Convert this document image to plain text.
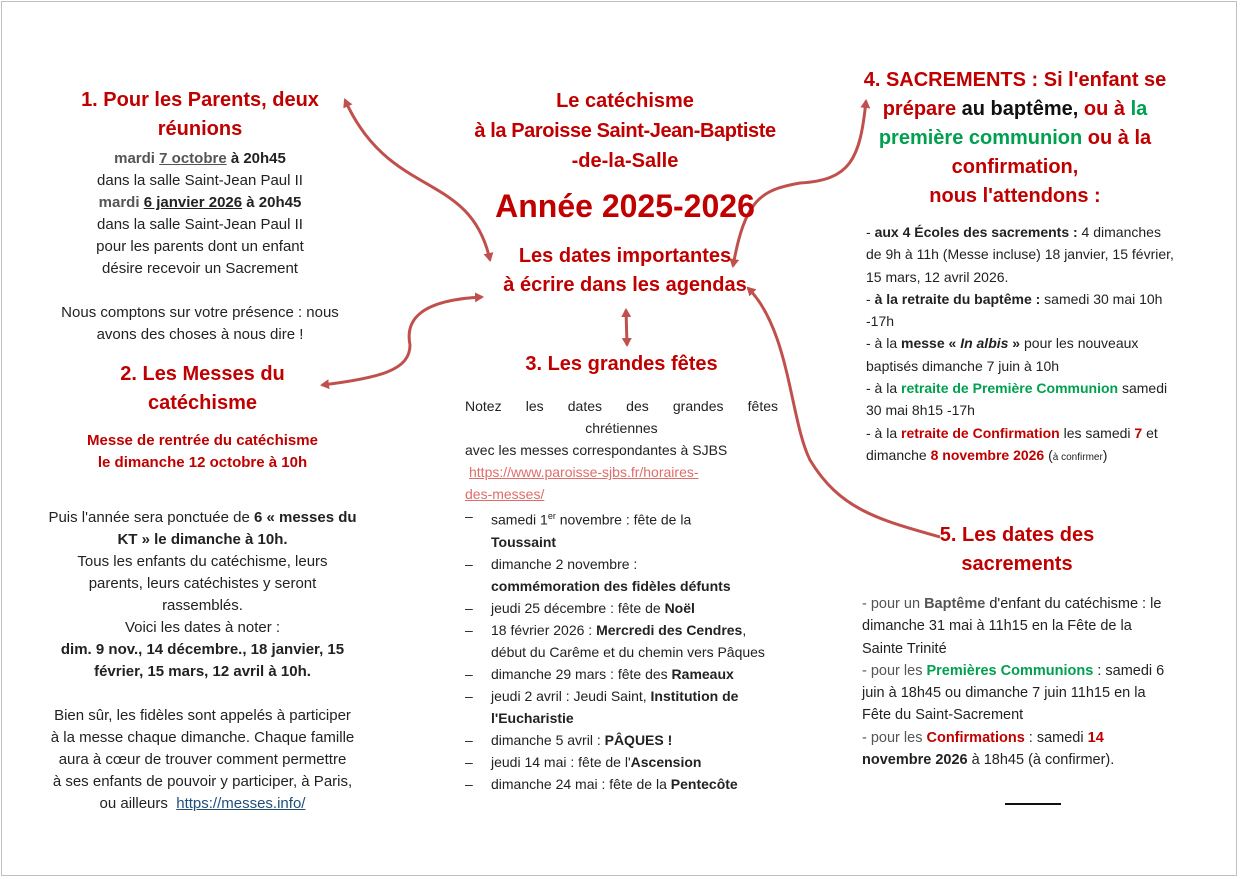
Le catéchisme
à la Paroisse Saint-Jean-Baptiste
-de-la-Salle
Année 2025-2026
Les dates importantes
à écrire dans les agendas
1. Pour les Parents, deux
réunions
mardi 7 octobre à 20h45
dans la salle Saint-Jean Paul II
mardi 6 janvier 2026 à 20h45
dans la salle Saint-Jean Paul II
pour les parents dont un enfant
désire recevoir un Sacrement
Nous comptons sur votre présence : nous
avons des choses à nous dire !
2. Les Messes du
catéchisme
Messe de rentrée du catéchisme
le dimanche 12 octobre à 10h
Puis l'année sera ponctuée de 6 « messes du
KT » le dimanche à 10h.
Tous les enfants du catéchisme, leurs
parents, leurs catéchistes y seront
rassemblés.
Voici les dates à noter :
dim. 9 nov., 14 décembre., 18 janvier, 15
février, 15 mars, 12 avril à 10h.
Bien sûr, les fidèles sont appelés à participer
à la messe chaque dimanche. Chaque famille
aura à cœur de trouver comment permettre
à ses enfants de pouvoir y participer, à Paris,
ou ailleurs https://messes.info/
3. Les grandes fêtes
Notez les dates des grandes fêtes
chrétiennes
avec les messes correspondantes à SJBS
https://www.paroisse-sjbs.fr/horaires-
des-messes/
– samedi 1er novembre : fête de la
Toussaint
– dimanche 2 novembre :
commémoration des fidèles défunts
– jeudi 25 décembre : fête de Noël
– 18 février 2026 : Mercredi des Cendres, début du Carême et du chemin vers Pâques
– dimanche 29 mars : fête des Rameaux
– jeudi 2 avril : Jeudi Saint, Institution de l'Eucharistie
– dimanche 5 avril : PÂQUES !
– jeudi 14 mai : fête de l'Ascension
– dimanche 24 mai : fête de la Pentecôte
4. SACREMENTS : Si l'enfant se
prépare au baptême, ou à la
première communion ou à la
confirmation,
nous l'attendons :

- aux 4 Écoles des sacrements : 4 dimanches de 9h à 11h (Messe incluse) 18 janvier, 15 février, 15 mars, 12 avril 2026.

- à la retraite du baptême : samedi 30 mai 10h -17h

- à la messe « In albis » pour les nouveaux baptisés dimanche 7 juin à 10h

- à la retraite de Première Communion samedi 30 mai 8h15 -17h

- à la retraite de Confirmation les samedi 7 et dimanche 8 novembre 2026 (à confirmer)

5. Les dates des
sacrements

- pour un Baptême d'enfant du catéchisme : le dimanche 31 mai à 11h15 en la Fête de la Sainte Trinité

- pour les Premières Communions : samedi 6 juin à 18h45 ou dimanche 7 juin 11h15 en la Fête du Saint-Sacrement

- pour les Confirmations : samedi 14 novembre 2026 à 18h45 (à confirmer).
